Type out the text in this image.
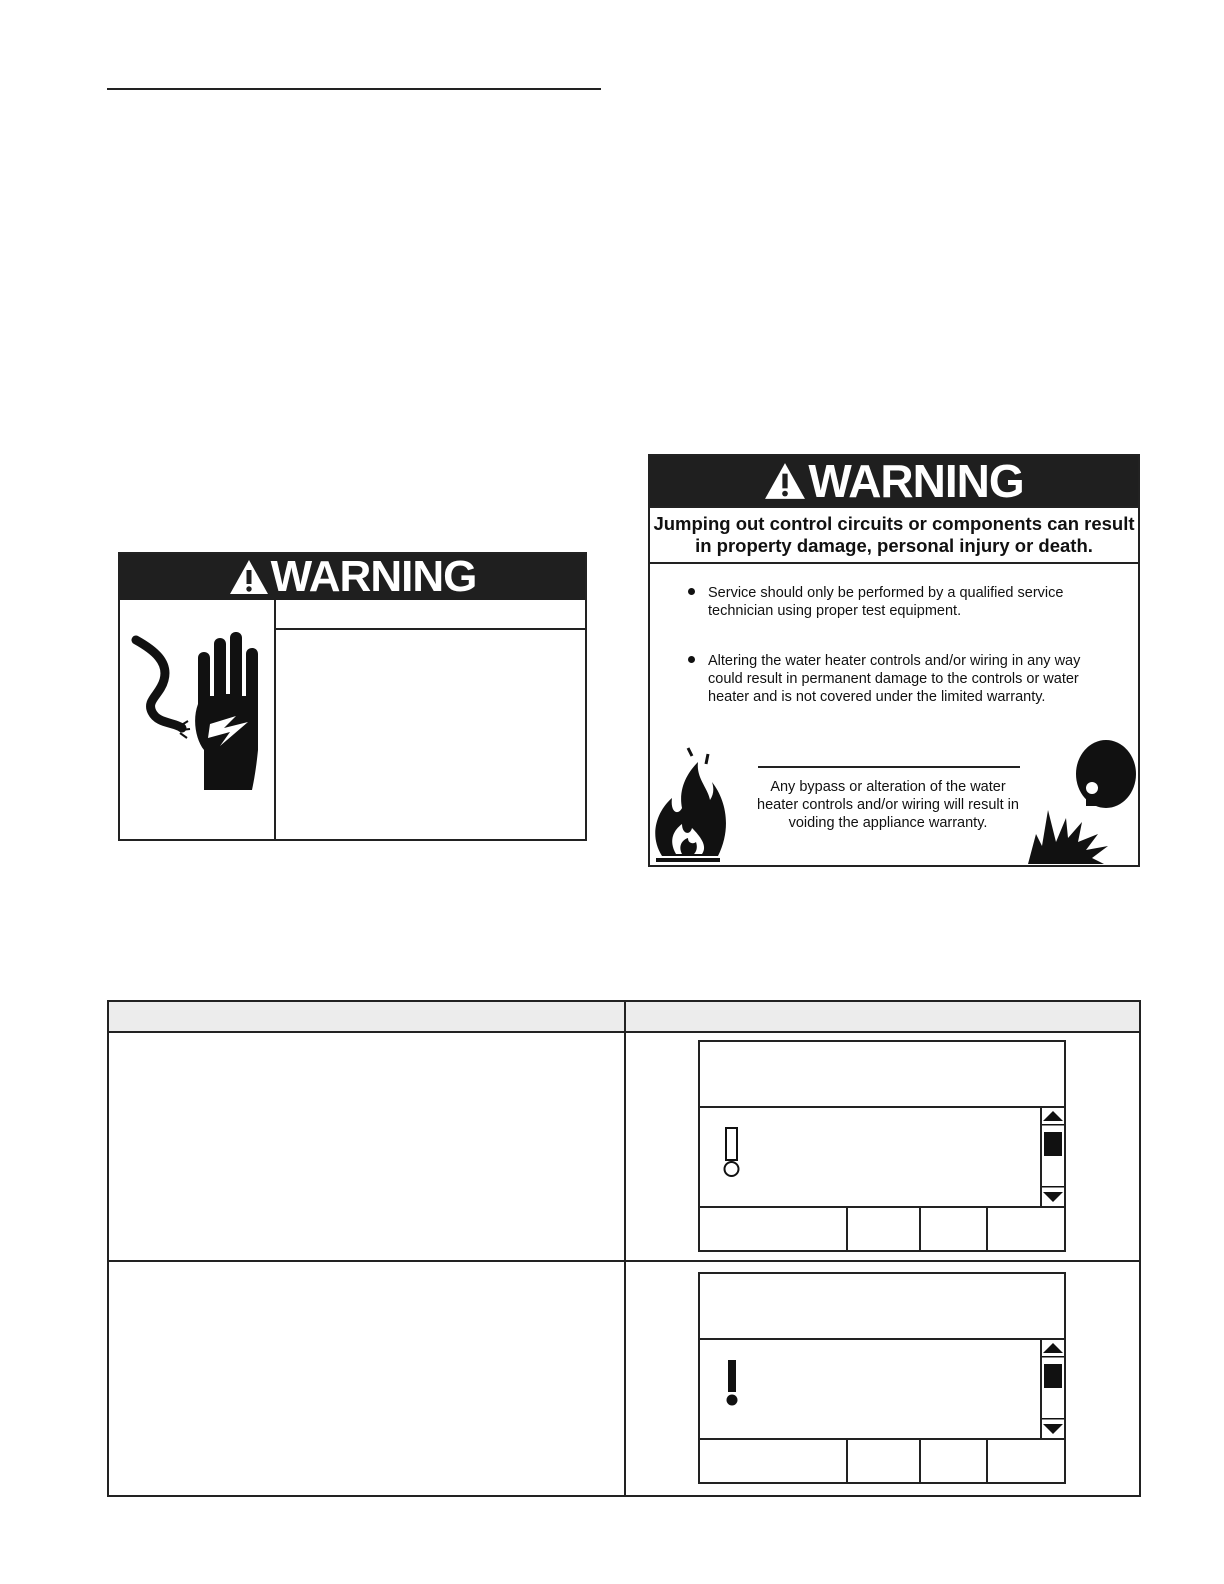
WARNING
WARNING
Jumping out control circuits or components can result in property damage, personal injury or death.
Service should only be performed by a qualified service technician using proper test equipment.
Altering the water heater controls and/or wiring in any way could result in permanent damage to the controls or water heater and is not covered under the limited warranty.
Any bypass or alteration of the water heater controls and/or wiring will result in voiding the appliance warranty.
